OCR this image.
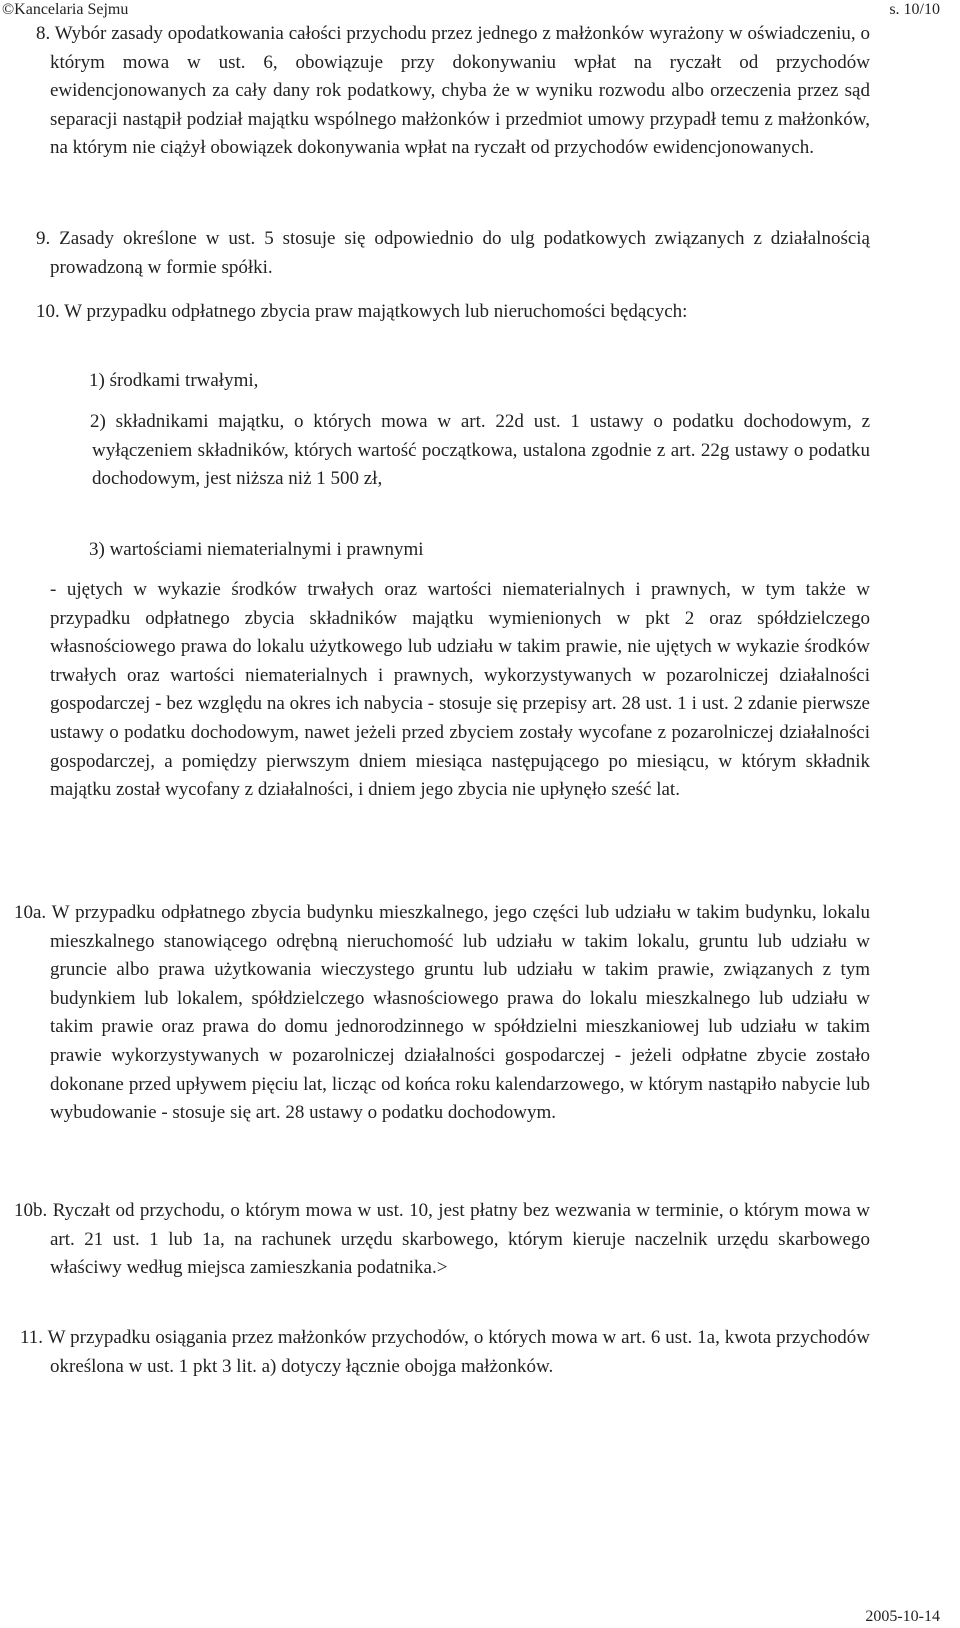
©Kancelaria Sejmu	s. 10/10

8. Wybór zasady opodatkowania całości przychodu przez jednego z małżonków wyrażony w oświadczeniu, o którym mowa w ust. 6, obowiązuje przy dokonywaniu wpłat na ryczałt od przychodów ewidencjonowanych za cały dany rok podatkowy, chyba że w wyniku rozwodu albo orzeczenia przez sąd separacji nastąpił podział majątku wspólnego małżonków i przedmiot umowy przypadł temu z małżonków, na którym nie ciążył obowiązek dokonywania wpłat na ryczałt od przychodów ewidencjonowanych.

9. Zasady określone w ust. 5 stosuje się odpowiednio do ulg podatkowych związanych z działalnością prowadzoną w formie spółki.

10. W przypadku odpłatnego zbycia praw majątkowych lub nieruchomości będących:

1) środkami trwałymi,

2) składnikami majątku, o których mowa w art. 22d ust. 1 ustawy o podatku dochodowym, z wyłączeniem składników, których wartość początkowa, ustalona zgodnie z art. 22g ustawy o podatku dochodowym, jest niższa niż 1 500 zł,

3) wartościami niematerialnymi i prawnymi

- ujętych w wykazie środków trwałych oraz wartości niematerialnych i prawnych, w tym także w przypadku odpłatnego zbycia składników majątku wymienionych w pkt 2 oraz spółdzielczego własnościowego prawa do lokalu użytkowego lub udziału w takim prawie, nie ujętych w wykazie środków trwałych oraz wartości niematerialnych i prawnych, wykorzystywanych w pozarolniczej działalności gospodarczej - bez względu na okres ich nabycia - stosuje się przepisy art. 28 ust. 1 i ust. 2 zdanie pierwsze ustawy o podatku dochodowym, nawet jeżeli przed zbyciem zostały wycofane z pozarolniczej działalności gospodarczej, a pomiędzy pierwszym dniem miesiąca następującego po miesiącu, w którym składnik majątku został wycofany z działalności, i dniem jego zbycia nie upłynęło sześć lat.

10a. W przypadku odpłatnego zbycia budynku mieszkalnego, jego części lub udziału w takim budynku, lokalu mieszkalnego stanowiącego odrębną nieruchomość lub udziału w takim lokalu, gruntu lub udziału w gruncie albo prawa użytkowania wieczystego gruntu lub udziału w takim prawie, związanych z tym budynkiem lub lokalem, spółdzielczego własnościowego prawa do lokalu mieszkalnego lub udziału w takim prawie oraz prawa do domu jednorodzinnego w spółdzielni mieszkaniowej lub udziału w takim prawie wykorzystywanych w pozarolniczej działalności gospodarczej - jeżeli odpłatne zbycie zostało dokonane przed upływem pięciu lat, licząc od końca roku kalendarzowego, w którym nastąpiło nabycie lub wybudowanie - stosuje się art. 28 ustawy o podatku dochodowym.

10b. Ryczałt od przychodu, o którym mowa w ust. 10, jest płatny bez wezwania w terminie, o którym mowa w art. 21 ust. 1 lub 1a, na rachunek urzędu skarbowego, którym kieruje naczelnik urzędu skarbowego właściwy według miejsca zamieszkania podatnika.>

11. W przypadku osiągania przez małżonków przychodów, o których mowa w art. 6 ust. 1a, kwota przychodów określona w ust. 1 pkt 3 lit. a) dotyczy łącznie obojga małżonków.

2005-10-14
